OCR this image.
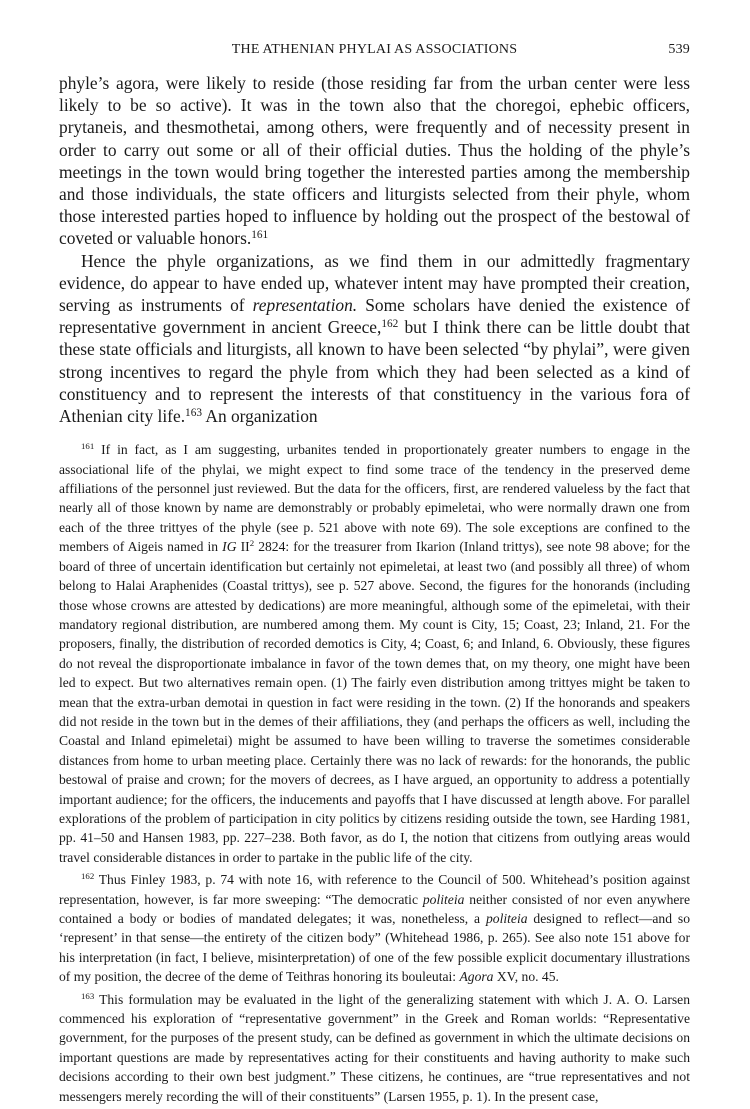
THE ATHENIAN PHYLAI AS ASSOCIATIONS	539

phyle’s agora, were likely to reside (those residing far from the urban center were less likely to be so active). It was in the town also that the choregoi, ephebic officers, prytaneis, and thesmothetai, among others, were frequently and of necessity present in order to carry out some or all of their official duties. Thus the holding of the phyle’s meetings in the town would bring together the interested parties among the membership and those individuals, the state officers and liturgists selected from their phyle, whom those interested parties hoped to influence by holding out the prospect of the bestowal of coveted or valuable honors.$^{161}$

Hence the phyle organizations, as we find them in our admittedly fragmentary evidence, do appear to have ended up, whatever intent may have prompted their creation, serving as instruments of representation. Some scholars have denied the existence of representative government in ancient Greece,$^{162}$ but I think there can be little doubt that these state officials and liturgists, all known to have been selected “by phylai”, were given strong incentives to regard the phyle from which they had been selected as a kind of constituency and to represent the interests of that constituency in the various fora of Athenian city life.$^{163}$ An organization

$^{161}$ If in fact, as I am suggesting, urbanites tended in proportionately greater numbers to engage in the associational life of the phylai, we might expect to find some trace of the tendency in the preserved deme affiliations of the personnel just reviewed. But the data for the officers, first, are rendered valueless by the fact that nearly all of those known by name are demonstrably or probably epimeletai, who were normally drawn one from each of the three trittyes of the phyle (see p. 521 above with note 69). The sole exceptions are confined to the members of Aigeis named in IG $II^2$ 2824: for the treasurer from Ikarion (Inland trittys), see note 98 above; for the board of three of uncertain identification but certainly not epimeletai, at least two (and possibly all three) of whom belong to Halai Araphenides (Coastal trittys), see p. 527 above. Second, the figures for the honorands (including those whose crowns are attested by dedications) are more meaningful, although some of the epimeletai, with their mandatory regional distribution, are numbered among them. My count is City, 15; Coast, 23; Inland, 21. For the proposers, finally, the distribution of recorded demotics is City, 4; Coast, 6; and Inland, 6. Obviously, these figures do not reveal the disproportionate imbalance in favor of the town demes that, on my theory, one might have been led to expect. But two alternatives remain open. (1) The fairly even distribution among trittyes might be taken to mean that the extra-urban demotai in question in fact were residing in the town. (2) If the honorands and speakers did not reside in the town but in the demes of their affiliations, they (and perhaps the officers as well, including the Coastal and Inland epimeletai) might be assumed to have been willing to traverse the sometimes considerable distances from home to urban meeting place. Certainly there was no lack of rewards: for the honorands, the public bestowal of praise and crown; for the movers of decrees, as I have argued, an opportunity to address a potentially important audience; for the officers, the inducements and payoffs that I have discussed at length above. For parallel explorations of the problem of participation in city politics by citizens residing outside the town, see Harding 1981, pp. 41–50 and Hansen 1983, pp. 227–238. Both favor, as do I, the notion that citizens from outlying areas would travel considerable distances in order to partake in the public life of the city.

$^{162}$ Thus Finley 1983, p. 74 with note 16, with reference to the Council of 500. Whitehead’s position against representation, however, is far more sweeping: “The democratic politeia neither consisted of nor even anywhere contained a body or bodies of mandated delegates; it was, nonetheless, a politeia designed to reflect—and so ‘represent’ in that sense—the entirety of the citizen body” (Whitehead 1986, p. 265). See also note 151 above for his interpretation (in fact, I believe, misinterpretation) of one of the few possible explicit documentary illustrations of my position, the decree of the deme of Teithras honoring its bouleutai: Agora XV, no. 45.

$^{163}$ This formulation may be evaluated in the light of the generalizing statement with which J. A. O. Larsen commenced his exploration of “representative government” in the Greek and Roman worlds: “Representative government, for the purposes of the present study, can be defined as government in which the ultimate decisions on important questions are made by representatives acting for their constituents and having authority to make such decisions according to their own best judgment.” These citizens, he continues, are “true representatives and not messengers merely recording the will of their constituents” (Larsen 1955, p. 1). In the present case,
